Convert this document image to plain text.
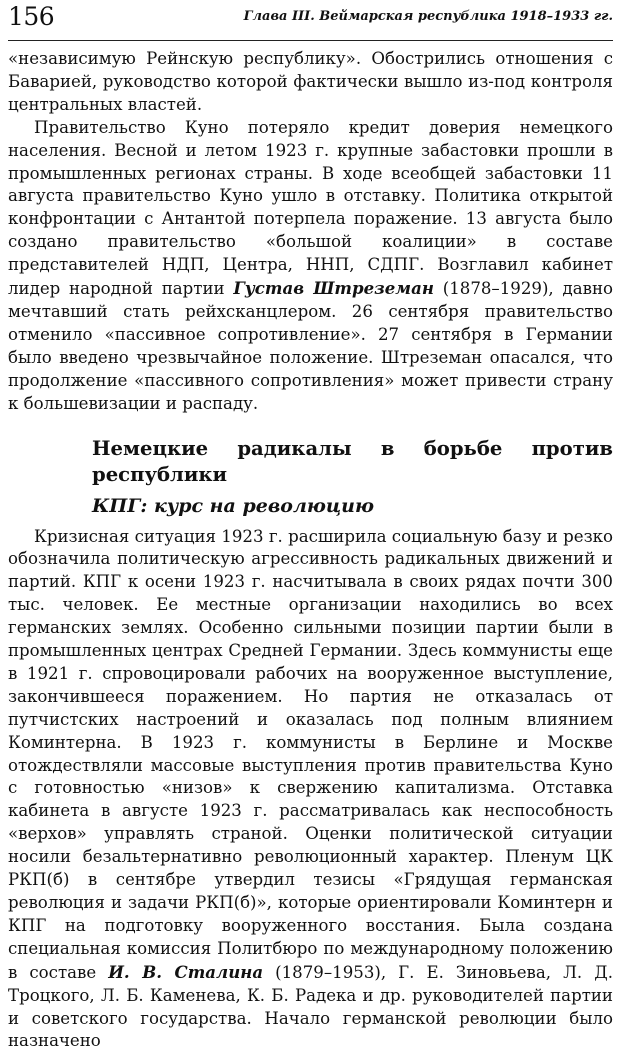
156	Глава III. Веймарская республика 1918–1933 гг.

«независимую Рейнскую республику». Обострились отношения с Баварией, руководство которой фактически вышло из-под контроля центральных властей.

Правительство Куно потеряло кредит доверия немецкого населения. Весной и летом 1923 г. крупные забастовки прошли в промышленных регионах страны. В ходе всеобщей забастовки 11 августа правительство Куно ушло в отставку. Политика открытой конфронтации с Антантой потерпела поражение. 13 августа было создано правительство «большой коалиции» в составе представителей НДП, Центра, ННП, СДПГ. Возглавил кабинет лидер народной партии Густав Штреземан (1878–1929), давно мечтавший стать рейхсканцлером. 26 сентября правительство отменило «пассивное сопротивление». 27 сентября в Германии было введено чрезвычайное положение. Штреземан опасался, что продолжение «пассивного сопротивления» может привести страну к большевизации и распаду.

Немецкие радикалы в борьбе против республики
КПГ: курс на революцию

Кризисная ситуация 1923 г. расширила социальную базу и резко обозначила политическую агрессивность радикальных движений и партий. КПГ к осени 1923 г. насчитывала в своих рядах почти 300 тыс. человек. Ее местные организации находились во всех германских землях. Особенно сильными позиции партии были в промышленных центрах Средней Германии. Здесь коммунисты еще в 1921 г. спровоцировали рабочих на вооруженное выступление, закончившееся поражением. Но партия не отказалась от путчистских настроений и оказалась под полным влиянием Коминтерна. В 1923 г. коммунисты в Берлине и Москве отождествляли массовые выступления против правительства Куно с готовностью «низов» к свержению капитализма. Отставка кабинета в августе 1923 г. рассматривалась как неспособность «верхов» управлять страной. Оценки политической ситуации носили безальтернативно революционный характер. Пленум ЦК РКП(б) в сентябре утвердил тезисы «Грядущая германская революция и задачи РКП(б)», которые ориентировали Коминтерн и КПГ на подготовку вооруженного восстания. Была создана специальная комиссия Политбюро по международному положению в составе И. В. Сталина (1879–1953), Г. Е. Зиновьева, Л. Д. Троцкого, Л. Б. Каменева, К. Б. Радека и др. руководителей партии и советского государства. Начало германской революции было назначено
